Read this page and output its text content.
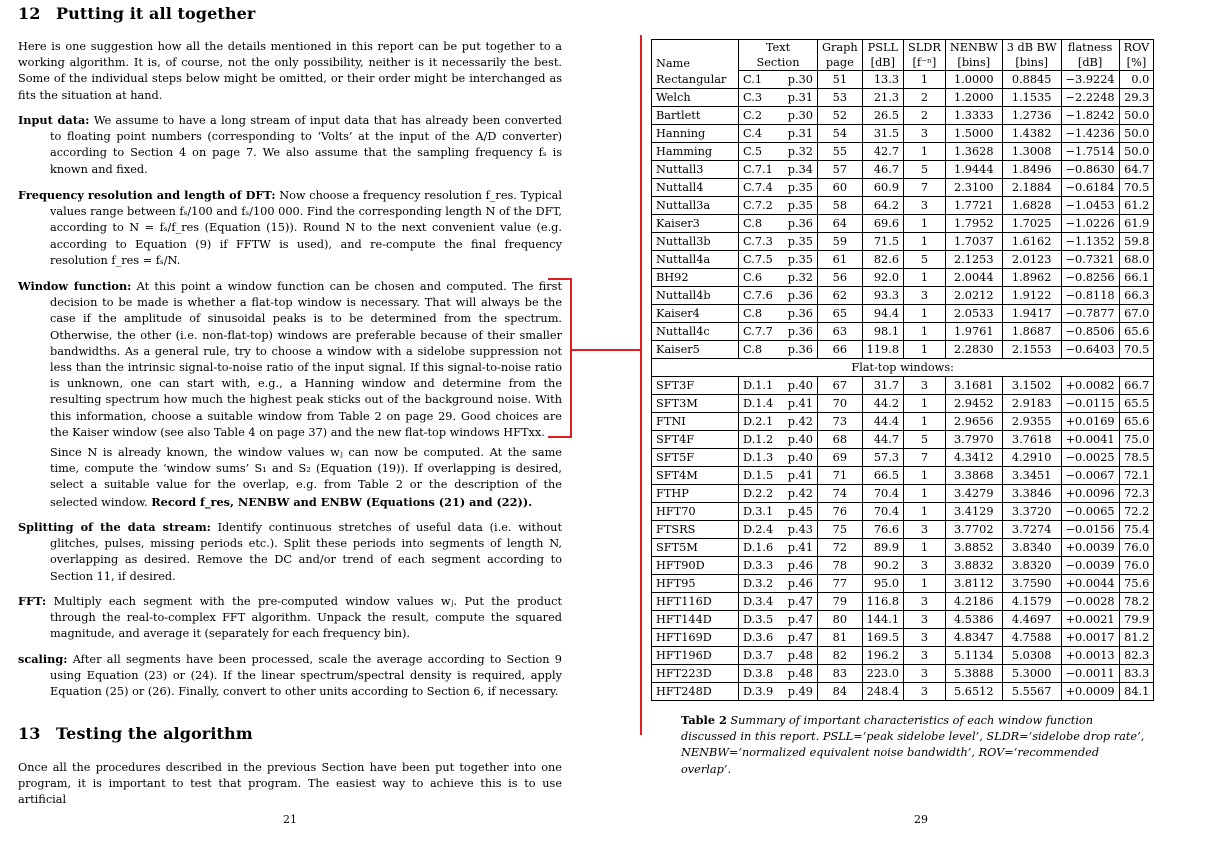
12 Putting it all together

Here is one suggestion how all the details mentioned in this report can be put together to a working algorithm. It is, of course, not the only possibility, neither is it necessarily the best. Some of the individual steps below might be omitted, or their order might be interchanged as fits the situation at hand.

Input data: We assume to have a long stream of input data that has already been converted to floating point numbers (corresponding to ‘Volts’ at the input of the A/D converter) according to Section 4 on page 7. We also assume that the sampling frequency fₛ is known and fixed.

Frequency resolution and length of DFT: Now choose a frequency resolution f_res. Typical values range between fₛ/100 and fₛ/100 000. Find the corresponding length N of the DFT, according to N = fₛ/f_res (Equation (15)). Round N to the next convenient value (e.g. according to Equation (9) if FFTW is used), and re-compute the final frequency resolution f_res = fₛ/N.

Window function: At this point a window function can be chosen and computed. The first decision to be made is whether a flat-top window is necessary. That will always be the case if the amplitude of sinusoidal peaks is to be determined from the spectrum. Otherwise, the other (i.e. non-flat-top) windows are preferable because of their smaller bandwidths. As a general rule, try to choose a window with a sidelobe suppression not less than the intrinsic signal-to-noise ratio of the input signal. If this signal-to-noise ratio is unknown, one can start with, e.g., a Hanning window and determine from the resulting spectrum how much the highest peak sticks out of the background noise. With this information, choose a suitable window from Table 2 on page 29. Good choices are the Kaiser window (see also Table 4 on page 37) and the new flat-top windows HFTxx.

Since N is already known, the window values wⱼ can now be computed. At the same time, compute the ‘window sums’ S₁ and S₂ (Equation (19)). If overlapping is desired, select a suitable value for the overlap, e.g. from Table 2 or the description of the selected window. Record f_res, NENBW and ENBW (Equations (21) and (22)).

Splitting of the data stream: Identify continuous stretches of useful data (i.e. without glitches, pulses, missing periods etc.). Split these periods into segments of length N, overlapping as desired. Remove the DC and/or trend of each segment according to Section 11, if desired.

FFT: Multiply each segment with the pre-computed window values wⱼ. Put the product through the real-to-complex FFT algorithm. Unpack the result, compute the squared magnitude, and average it (separately for each frequency bin).

scaling: After all segments have been processed, scale the average according to Section 9 using Equation (23) or (24). If the linear spectrum/spectral density is required, apply Equation (25) or (26). Finally, convert to other units according to Section 6, if necessary.

13 Testing the algorithm

Once all the procedures described in the previous Section have been put together into one program, it is important to test that program. The easiest way to achieve this is to use artificial

21
Name	Text		Graph	PSLL	SLDR	NENBW	3 dB BW	flatness	ROV
	Section		page	[dB]	[f⁻ⁿ]	[bins]	[bins]	[dB]	[%]
Rectangular	C.1	p.30	51	13.3	1	1.0000	0.8845	−3.9224	0.0
Welch	C.3	p.31	53	21.3	2	1.2000	1.1535	−2.2248	29.3
Bartlett	C.2	p.30	52	26.5	2	1.3333	1.2736	−1.8242	50.0
Hanning	C.4	p.31	54	31.5	3	1.5000	1.4382	−1.4236	50.0
Hamming	C.5	p.32	55	42.7	1	1.3628	1.3008	−1.7514	50.0
Nuttall3	C.7.1	p.34	57	46.7	5	1.9444	1.8496	−0.8630	64.7
Nuttall4	C.7.4	p.35	60	60.9	7	2.3100	2.1884	−0.6184	70.5
Nuttall3a	C.7.2	p.35	58	64.2	3	1.7721	1.6828	−1.0453	61.2
Kaiser3	C.8	p.36	64	69.6	1	1.7952	1.7025	−1.0226	61.9
Nuttall3b	C.7.3	p.35	59	71.5	1	1.7037	1.6162	−1.1352	59.8
Nuttall4a	C.7.5	p.35	61	82.6	5	2.1253	2.0123	−0.7321	68.0
BH92	C.6	p.32	56	92.0	1	2.0044	1.8962	−0.8256	66.1
Nuttall4b	C.7.6	p.36	62	93.3	3	2.0212	1.9122	−0.8118	66.3
Kaiser4	C.8	p.36	65	94.4	1	2.0533	1.9417	−0.7877	67.0
Nuttall4c	C.7.7	p.36	63	98.1	1	1.9761	1.8687	−0.8506	65.6
Kaiser5	C.8	p.36	66	119.8	1	2.2830	2.1553	−0.6403	70.5
Flat-top windows:									
SFT3F	D.1.1	p.40	67	31.7	3	3.1681	3.1502	+0.0082	66.7
SFT3M	D.1.4	p.41	70	44.2	1	2.9452	2.9183	−0.0115	65.5
FTNI	D.2.1	p.42	73	44.4	1	2.9656	2.9355	+0.0169	65.6
SFT4F	D.1.2	p.40	68	44.7	5	3.7970	3.7618	+0.0041	75.0
SFT5F	D.1.3	p.40	69	57.3	7	4.3412	4.2910	−0.0025	78.5
SFT4M	D.1.5	p.41	71	66.5	1	3.3868	3.3451	−0.0067	72.1
FTHP	D.2.2	p.42	74	70.4	1	3.4279	3.3846	+0.0096	72.3
HFT70	D.3.1	p.45	76	70.4	1	3.4129	3.3720	−0.0065	72.2
FTSRS	D.2.4	p.43	75	76.6	3	3.7702	3.7274	−0.0156	75.4
SFT5M	D.1.6	p.41	72	89.9	1	3.8852	3.8340	+0.0039	76.0
HFT90D	D.3.3	p.46	78	90.2	3	3.8832	3.8320	−0.0039	76.0
HFT95	D.3.2	p.46	77	95.0	1	3.8112	3.7590	+0.0044	75.6
HFT116D	D.3.4	p.47	79	116.8	3	4.2186	4.1579	−0.0028	78.2
HFT144D	D.3.5	p.47	80	144.1	3	4.5386	4.4697	+0.0021	79.9
HFT169D	D.3.6	p.47	81	169.5	3	4.8347	4.7588	+0.0017	81.2
HFT196D	D.3.7	p.48	82	196.2	3	5.1134	5.0308	+0.0013	82.3
HFT223D	D.3.8	p.48	83	223.0	3	5.3888	5.3000	−0.0011	83.3
HFT248D	D.3.9	p.49	84	248.4	3	5.6512	5.5567	+0.0009	84.1

Table 2 Summary of important characteristics of each window function discussed in this report. PSLL=‘peak sidelobe level’, SLDR=‘sidelobe drop rate’, NENBW=‘normalized equivalent noise bandwidth’, ROV=‘recommended overlap’.

29
